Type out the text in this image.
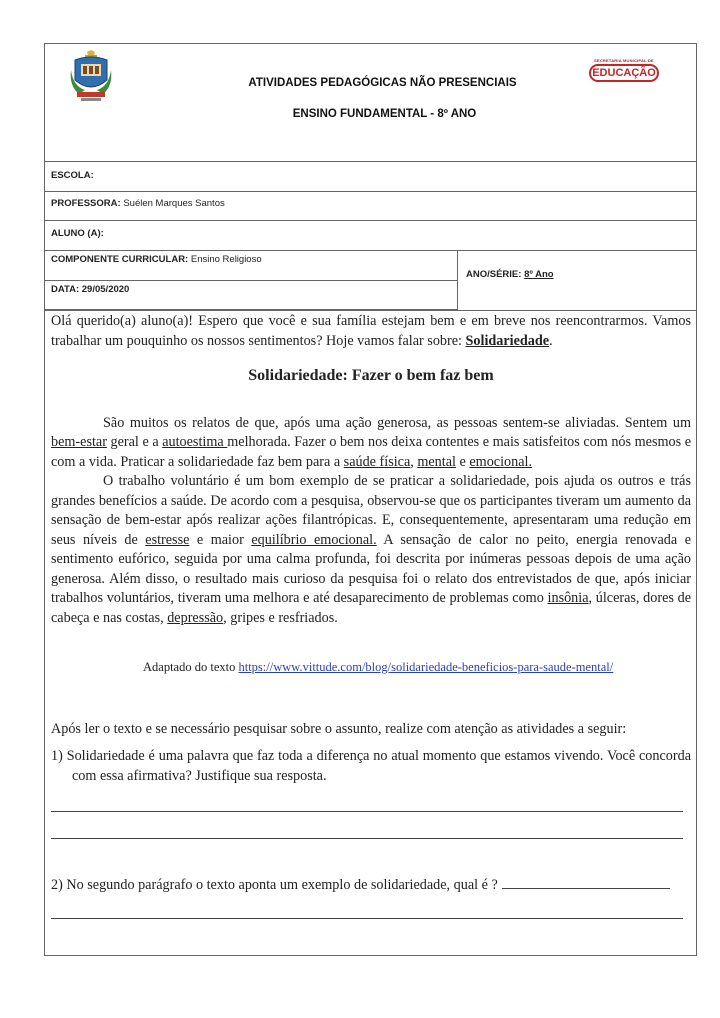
ATIVIDADES PEDAGÓGICAS NÃO PRESENCIAIS
ENSINO FUNDAMENTAL - 8º ANO
SECRETARIA MUNICIPAL DE
EDUCAÇÃO
ESCOLA:
PROFESSORA: Suélen Marques Santos
ALUNO (A):
COMPONENTE CURRICULAR: Ensino Religioso
DATA: 29/05/2020
ANO/SÉRIE: 8º Ano

Olá querido(a) aluno(a)! Espero que você e sua família estejam bem e em breve nos reencontrarmos. Vamos trabalhar um pouquinho os nossos sentimentos? Hoje vamos falar sobre: Solidariedade.

Solidariedade: Fazer o bem faz bem

São muitos os relatos de que, após uma ação generosa, as pessoas sentem-se aliviadas. Sentem um bem-estar geral e a autoestima melhorada. Fazer o bem nos deixa contentes e mais satisfeitos com nós mesmos e com a vida. Praticar a solidariedade faz bem para a saúde física, mental e emocional.

O trabalho voluntário é um bom exemplo de se praticar a solidariedade, pois ajuda os outros e trás grandes benefícios a saúde. De acordo com a pesquisa, observou-se que os participantes tiveram um aumento da sensação de bem-estar após realizar ações filantrópicas. E, consequentemente, apresentaram uma redução em seus níveis de estresse e maior equilíbrio emocional. A sensação de calor no peito, energia renovada e sentimento eufórico, seguida por uma calma profunda, foi descrita por inúmeras pessoas depois de uma ação generosa. Além disso, o resultado mais curioso da pesquisa foi o relato dos entrevistados de que, após iniciar trabalhos voluntários, tiveram uma melhora e até desaparecimento de problemas como insônia, úlceras, dores de cabeça e nas costas, depressão, gripes e resfriados.

Adaptado do texto https://www.vittude.com/blog/solidariedade-beneficios-para-saude-mental/

Após ler o texto e se necessário pesquisar sobre o assunto, realize com atenção as atividades a seguir:

1) Solidariedade é uma palavra que faz toda a diferença no atual momento que estamos vivendo. Você concorda com essa afirmativa? Justifique sua resposta.

2) No segundo parágrafo o texto aponta um exemplo de solidariedade, qual é ?
